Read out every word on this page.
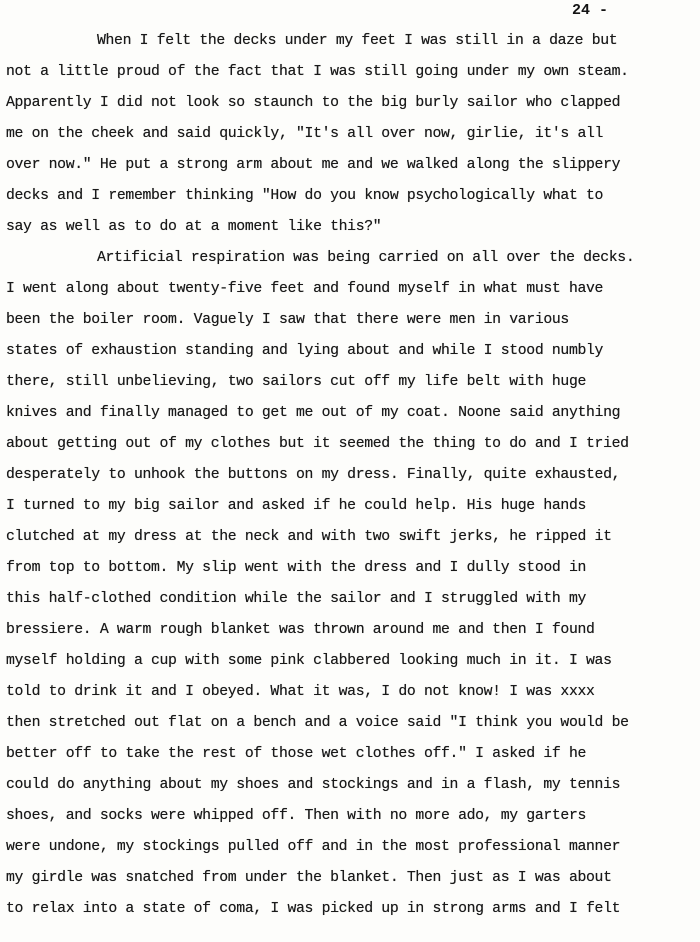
24 -
When I felt the decks under my feet I was still in a daze but
not a little proud of the fact that I was still going under my own steam.
Apparently I did not look so staunch to the big burly sailor who clapped
me on the cheek and said quickly, "It's all over now, girlie, it's all
over now." He put a strong arm about me and we walked along the slippery
decks and I remember thinking "How do you know psychologically what to
say as well as to do at a moment like this?"
Artificial respiration was being carried on all over the decks.
I went along about twenty-five feet and found myself in what must have
been the boiler room. Vaguely I saw that there were men in various
states of exhaustion standing and lying about and while I stood numbly
there, still unbelieving, two sailors cut off my life belt with huge
knives and finally managed to get me out of my coat. Noone said anything
about getting out of my clothes but it seemed the thing to do and I tried
desperately to unhook the buttons on my dress. Finally, quite exhausted,
I turned to my big sailor and asked if he could help. His huge hands
clutched at my dress at the neck and with two swift jerks, he ripped it
from top to bottom. My slip went with the dress and I dully stood in
this half-clothed condition while the sailor and I struggled with my
bressiere. A warm rough blanket was thrown around me and then I found
myself holding a cup with some pink clabbered looking much in it. I was
told to drink it and I obeyed. What it was, I do not know! I was xxxx
then stretched out flat on a bench and a voice said "I think you would be
better off to take the rest of those wet clothes off." I asked if he
could do anything about my shoes and stockings and in a flash, my tennis
shoes, and socks were whipped off. Then with no more ado, my garters
were undone, my stockings pulled off and in the most professional manner
my girdle was snatched from under the blanket. Then just as I was about
to relax into a state of coma, I was picked up in strong arms and I felt
